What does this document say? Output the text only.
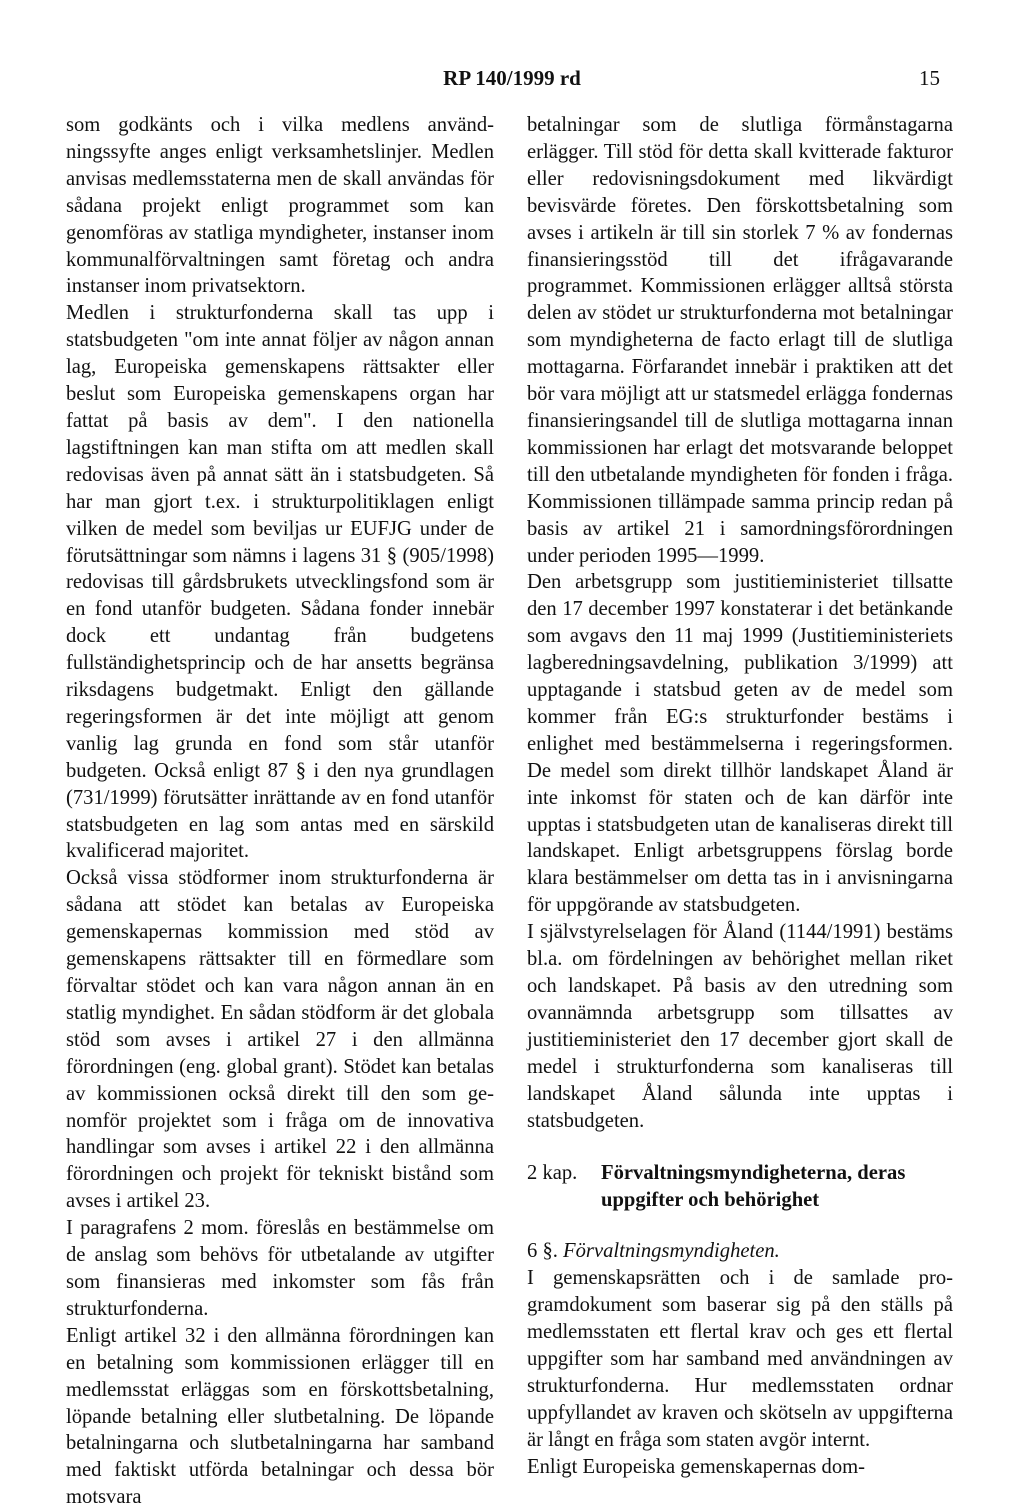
RP 140/1999 rd	15

som godkänts och i vilka medlens användningssyfte anges enligt verksamhetslinjer. Medlen anvisas medlemsstaterna men de skall användas för sådana projekt enligt programmet som kan genomföras av statliga myndigheter, instanser inom kommunalförvaltningen samt företag och andra instanser inom privatsektorn.

Medlen i strukturfonderna skall tas upp i statsbudgeten "om inte annat följer av någon annan lag, Europeiska gemenskapens rättsakter eller beslut som Europeiska gemenskapens organ har fattat på basis av dem". I den nationella lagstiftningen kan man stifta om att medlen skall redovisas även på annat sätt än i statsbudgeten. Så har man gjort t.ex. i strukturpolitiklagen enligt vilken de medel som beviljas ur EUFJG under de förutsättningar som nämns i lagens 31 § (905/1998) redovisas till gårdsbrukets utvecklingsfond som är en fond utanför budgeten. Sådana fonder innebär dock ett undantag från budgetens fullständighetsprincip och de har ansetts begränsa riksdagens budgetmakt. Enligt den gällande regeringsformen är det inte möjligt att genom vanlig lag grunda en fond som står utanför budgeten. Också enligt 87 § i den nya grundlagen (731/1999) förutsätter inrättande av en fond utanför statsbudgeten en lag som antas med en särskild kvalificerad majoritet.

Också vissa stödformer inom strukturfonderna är sådana att stödet kan betalas av Europeiska gemenskapernas kommission med stöd av gemenskapens rättsakter till en förmedlare som förvaltar stödet och kan vara någon annan än en statlig myndighet. En sådan stödform är det globala stöd som avses i artikel 27 i den allmänna förordningen (eng. global grant). Stödet kan betalas av kommissionen också direkt till den som genomför projektet som i fråga om de innovativa handlingar som avses i artikel 22 i den allmänna förordningen och projekt för tekniskt bistånd som avses i artikel 23.

I paragrafens 2 mom. föreslås en bestämmelse om de anslag som behövs för utbetalande av utgifter som finansieras med inkomster som fås från strukturfonderna.

Enligt artikel 32 i den allmänna förordningen kan en betalning som kommissionen erlägger till en medlemsstat erläggas som en förskottsbetalning, löpande betalning eller slutbetalning. De löpande betalningarna och slutbetalningarna har samband med faktiskt utförda betalningar och dessa bör motsvara

betalningar som de slutliga förmånstagarna erlägger. Till stöd för detta skall kvitterade fakturor eller redovisningsdokument med likvärdigt bevisvärde företes. Den förskottsbetalning som avses i artikeln är till sin storlek 7 % av fondernas finansieringsstöd till det ifrågavarande programmet. Kommissionen erlägger alltså största delen av stödet ur strukturfonderna mot betalningar som myndigheterna de facto erlagt till de slutliga mottagarna. Förfarandet innebär i praktiken att det bör vara möjligt att ur statsmedel erlägga fondernas finansieringsandel till de slutliga mottagarna innan kommissionen har erlagt det motsvarande beloppet till den utbetalande myndigheten för fonden i fråga. Kommissionen tillämpade samma princip redan på basis av artikel 21 i samordningsförordningen under perioden 1995—1999.

Den arbetsgrupp som justitieministeriet tillsatte den 17 december 1997 konstaterar i det betänkande som avgavs den 11 maj 1999 (Justitieministeriets lagberedningsavdelning, publikation 3/1999) att upptagande i statsbud geten av de medel som kommer från EG:s strukturfonder bestäms i enlighet med bestämmelserna i regeringsformen. De medel som direkt tillhör landskapet Åland är inte inkomst för staten och de kan därför inte upptas i statsbudgeten utan de kanaliseras direkt till landskapet. Enligt arbetsgruppens förslag borde klara bestämmelser om detta tas in i anvisningarna för uppgörande av statsbudgeten.

I självstyrelselagen för Åland (1144/1991) bestäms bl.a. om fördelningen av behörighet mellan riket och landskapet. På basis av den utredning som ovannämnda arbetsgrupp som tillsattes av justitieministeriet den 17 december gjort skall de medel i strukturfonderna som kanaliseras till landskapet Åland sålunda inte upptas i statsbudgeten.

2 kap.	Förvaltningsmyndigheterna, deras uppgifter och behörighet

6 §. Förvaltningsmyndigheten.

I gemenskapsrätten och i de samlade programdokument som baserar sig på den ställs på medlemsstaten ett flertal krav och ges ett flertal uppgifter som har samband med användningen av strukturfonderna. Hur medlemsstaten ordnar uppfyllandet av kraven och skötseln av uppgifterna är långt en fråga som staten avgör internt.

Enligt Europeiska gemenskapernas dom-
